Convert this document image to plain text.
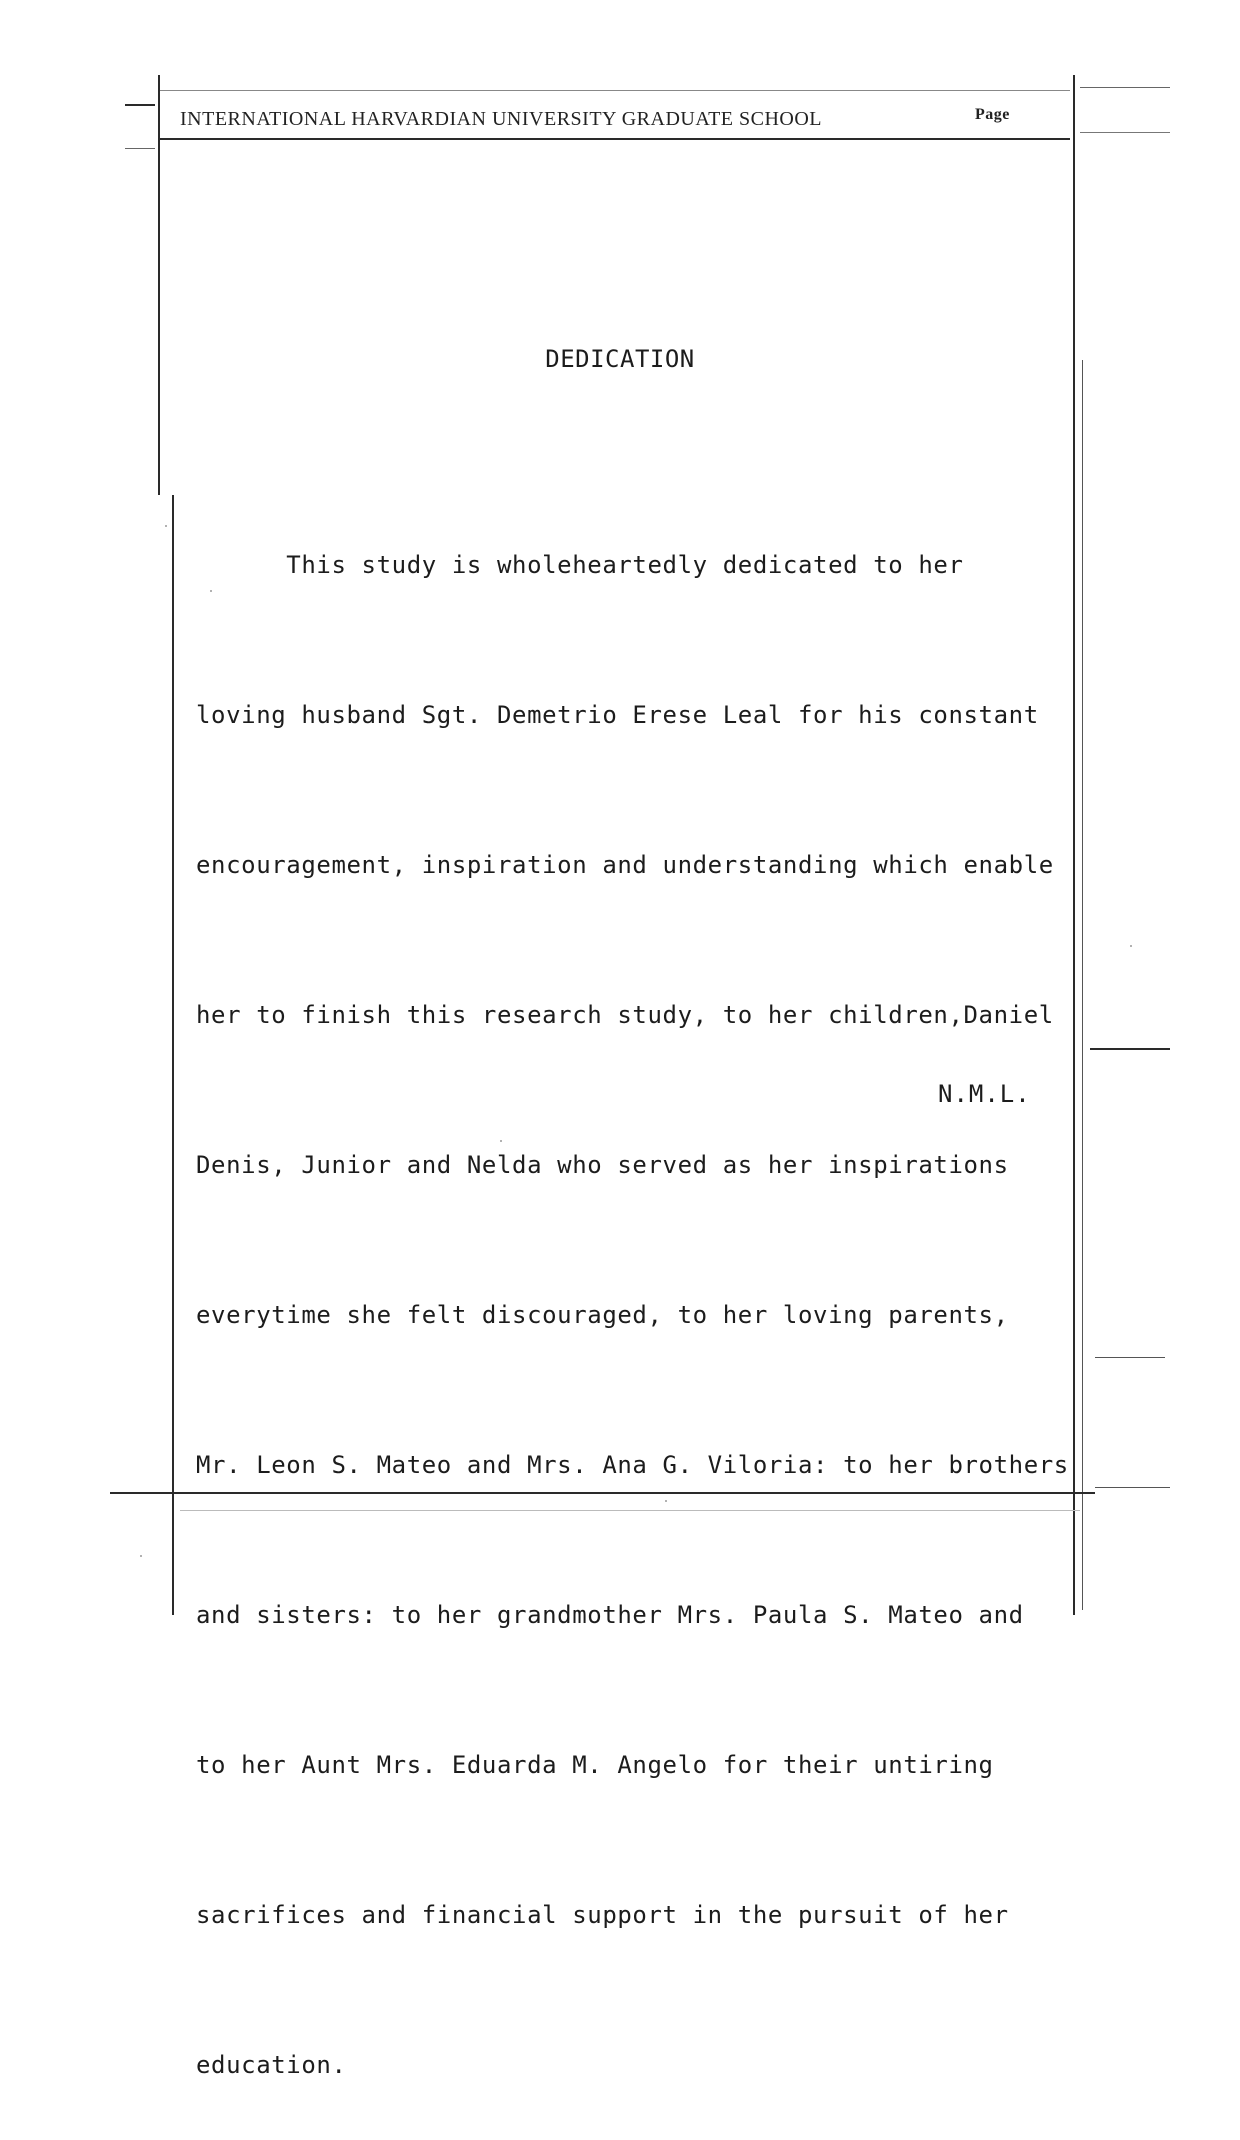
INTERNATIONAL HARVARDIAN UNIVERSITY GRADUATE SCHOOL	Page
DEDICATION

This study is wholeheartedly dedicated to her

loving husband Sgt. Demetrio Erese Leal for his constant

encouragement, inspiration and understanding which enable

her to finish this research study, to her children,Daniel

Denis, Junior and Nelda who served as her inspirations

everytime she felt discouraged, to her loving parents,

Mr. Leon S. Mateo and Mrs. Ana G. Viloria: to her brothers

and sisters: to her grandmother Mrs. Paula S. Mateo and

to her Aunt Mrs. Eduarda M. Angelo for their untiring

sacrifices and financial support in the pursuit of her

education.

N.M.L.
